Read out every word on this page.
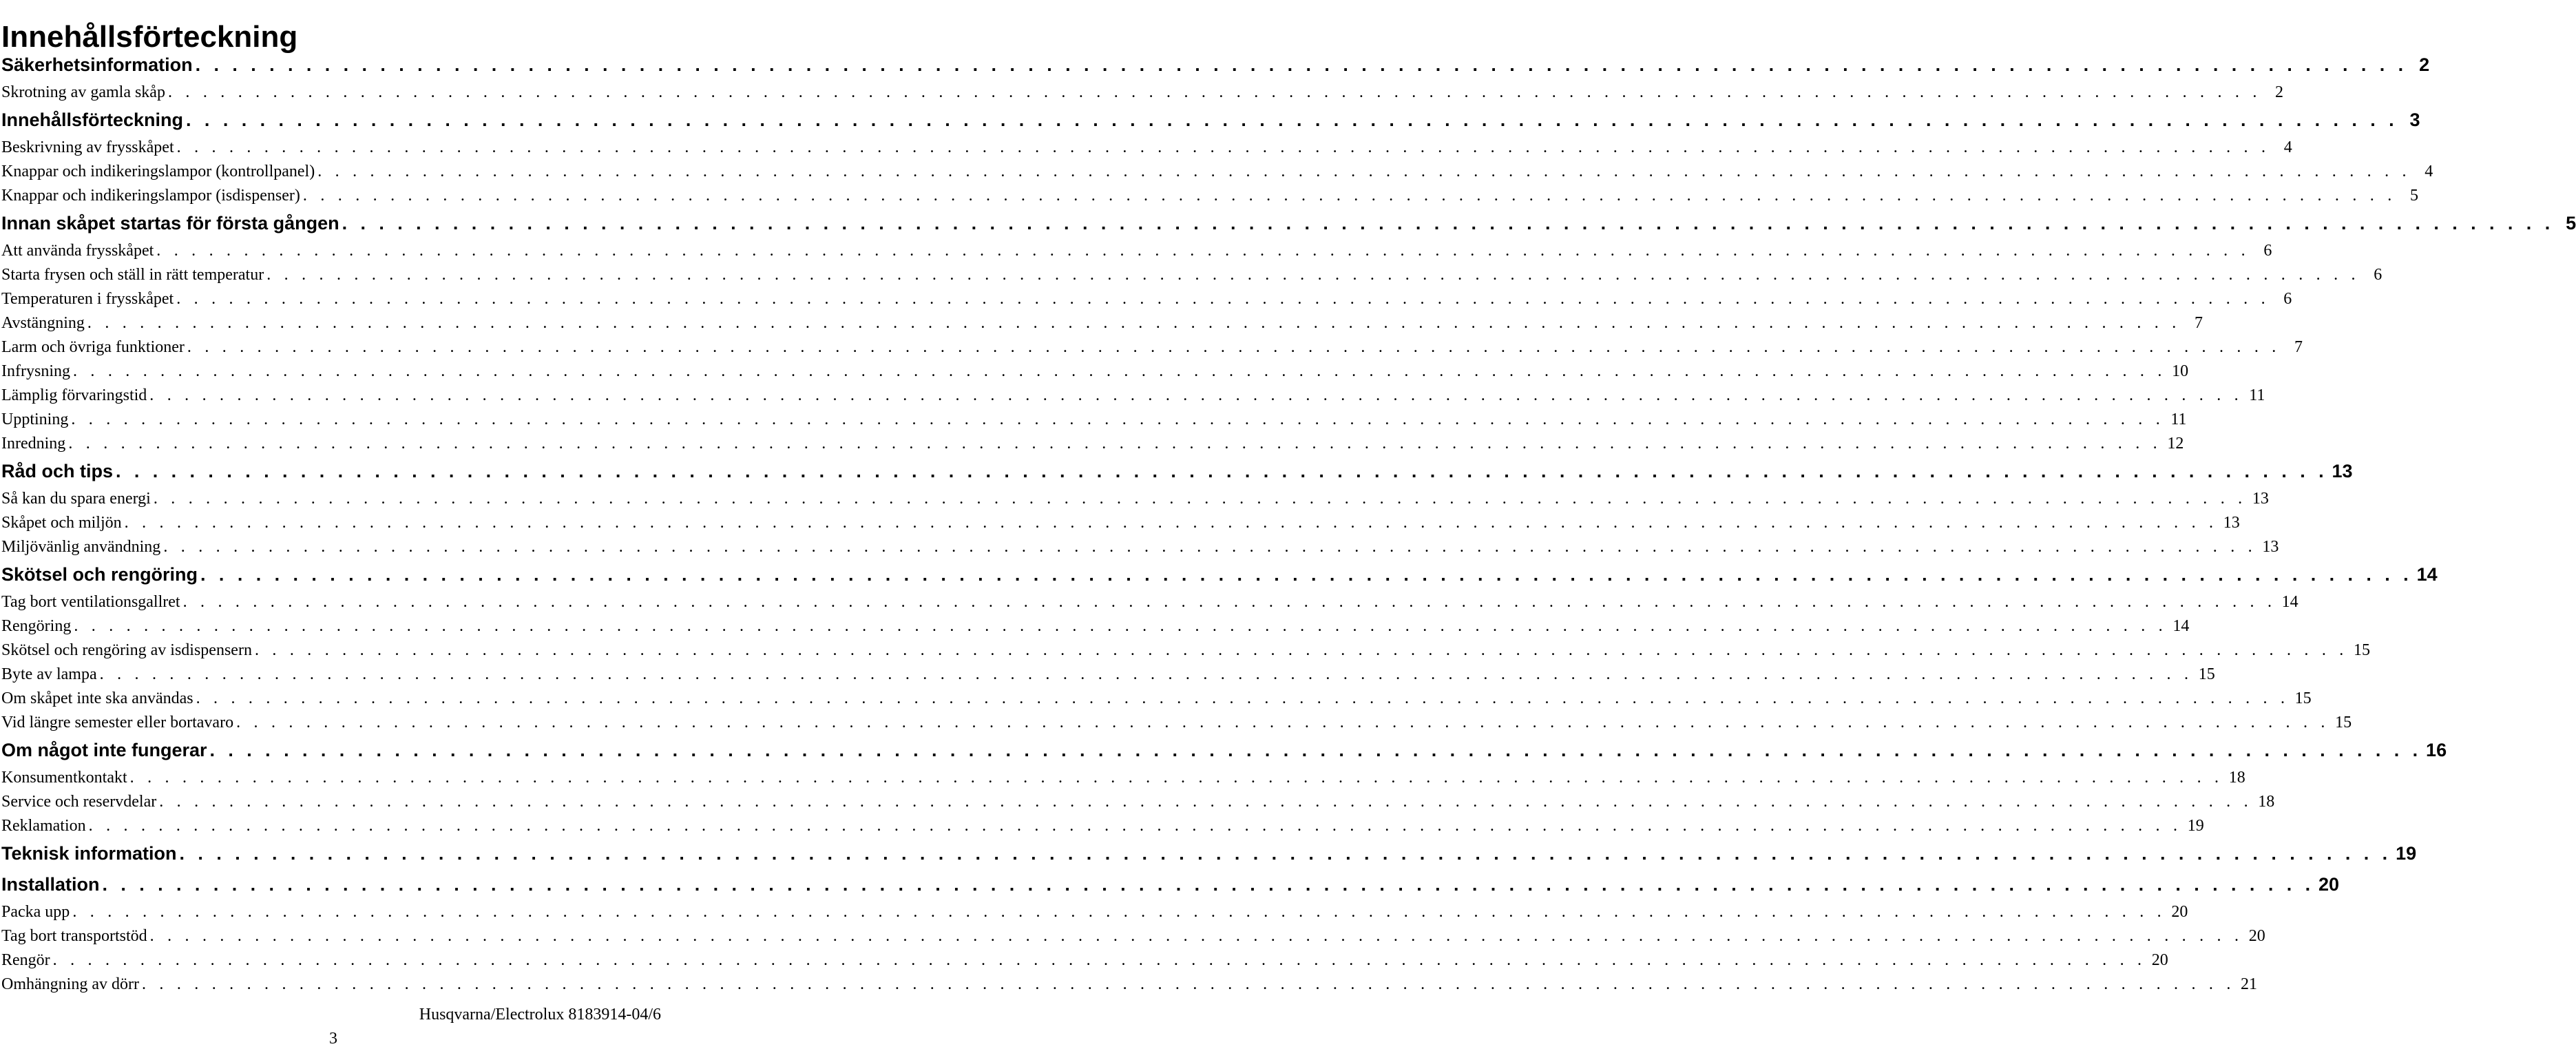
Innehållsförteckning
Säkerhetsinformation . . . . . . . . . . . . . . . . . . . . . . . . . . . . . . . . . . . . . . . . . . . . . . . . . . . . . . . . . . . . . . . . . . . . . . . . . . . . . . . . . . . . . . . . . . . . . . . . . . . . . . . . . . . . . . . . . . . . . . . . 2
Skrotning av gamla skåp . . . . . . . . . . . . . . . . . . . . . . . . . . . . . . . . . . . . . . . . . . . . . . . . . . . . . . . . . . . . . . . . . . . . . . . . . . . . . . . . . . . . . . . . . . . . . . . . . . . . . . . . . . . . . . . . . . . . . . . . 2
Innehållsförteckning . . . . . . . . . . . . . . . . . . . . . . . . . . . . . . . . . . . . . . . . . . . . . . . . . . . . . . . . . . . . . . . . . . . . . . . . . . . . . . . . . . . . . . . . . . . . . . . . . . . . . . . . . . . . . . . . . . . . . . . . 3
Beskrivning av frysskåpet . . . . . . . . . . . . . . . . . . . . . . . . . . . . . . . . . . . . . . . . . . . . . . . . . . . . . . . . . . . . . . . . . . . . . . . . . . . . . . . . . . . . . . . . . . . . . . . . . . . . . . . . . . . . . . . . . . . . . . . . 4
Knappar och indikeringslampor (kontrollpanel) . . . . . . . . . . . . . . . . . . . . . . . . . . . . . . . . . . . . . . . . . . . . . . . . . . . . . . . . . . . . . . . . . . . . . . . . . . . . . . . . . . . . . . . . . . . . . . . . . . . . . . . . . . . . . . . . . . . . . . . . 4
Knappar och indikeringslampor (isdispenser) . . . . . . . . . . . . . . . . . . . . . . . . . . . . . . . . . . . . . . . . . . . . . . . . . . . . . . . . . . . . . . . . . . . . . . . . . . . . . . . . . . . . . . . . . . . . . . . . . . . . . . . . . . . . . . . . . . . . . . . . 5
Innan skåpet startas för första gången . . . . . . . . . . . . . . . . . . . . . . . . . . . . . . . . . . . . . . . . . . . . . . . . . . . . . . . . . . . . . . . . . . . . . . . . . . . . . . . . . . . . . . . . . . . . . . . . . . . . . . . . . . . . . . . . . . . . . . . . 5
Att använda frysskåpet . . . . . . . . . . . . . . . . . . . . . . . . . . . . . . . . . . . . . . . . . . . . . . . . . . . . . . . . . . . . . . . . . . . . . . . . . . . . . . . . . . . . . . . . . . . . . . . . . . . . . . . . . . . . . . . . . . . . . . . . 6
Starta frysen och ställ in rätt temperatur . . . . . . . . . . . . . . . . . . . . . . . . . . . . . . . . . . . . . . . . . . . . . . . . . . . . . . . . . . . . . . . . . . . . . . . . . . . . . . . . . . . . . . . . . . . . . . . . . . . . . . . . . . . . . . . . . . . . . . . . 6
Temperaturen i frysskåpet . . . . . . . . . . . . . . . . . . . . . . . . . . . . . . . . . . . . . . . . . . . . . . . . . . . . . . . . . . . . . . . . . . . . . . . . . . . . . . . . . . . . . . . . . . . . . . . . . . . . . . . . . . . . . . . . . . . . . . . . 6
Avstängning . . . . . . . . . . . . . . . . . . . . . . . . . . . . . . . . . . . . . . . . . . . . . . . . . . . . . . . . . . . . . . . . . . . . . . . . . . . . . . . . . . . . . . . . . . . . . . . . . . . . . . . . . . . . . . . . . . . . . . . . 7
Larm och övriga funktioner . . . . . . . . . . . . . . . . . . . . . . . . . . . . . . . . . . . . . . . . . . . . . . . . . . . . . . . . . . . . . . . . . . . . . . . . . . . . . . . . . . . . . . . . . . . . . . . . . . . . . . . . . . . . . . . . . . . . . . . . 7
Infrysning . . . . . . . . . . . . . . . . . . . . . . . . . . . . . . . . . . . . . . . . . . . . . . . . . . . . . . . . . . . . . . . . . . . . . . . . . . . . . . . . . . . . . . . . . . . . . . . . . . . . . . . . . . . . . . . . . . . . . . . . 10
Lämplig förvaringstid . . . . . . . . . . . . . . . . . . . . . . . . . . . . . . . . . . . . . . . . . . . . . . . . . . . . . . . . . . . . . . . . . . . . . . . . . . . . . . . . . . . . . . . . . . . . . . . . . . . . . . . . . . . . . . . . . . . . . . . . 11
Upptining . . . . . . . . . . . . . . . . . . . . . . . . . . . . . . . . . . . . . . . . . . . . . . . . . . . . . . . . . . . . . . . . . . . . . . . . . . . . . . . . . . . . . . . . . . . . . . . . . . . . . . . . . . . . . . . . . . . . . . . . 11
Inredning . . . . . . . . . . . . . . . . . . . . . . . . . . . . . . . . . . . . . . . . . . . . . . . . . . . . . . . . . . . . . . . . . . . . . . . . . . . . . . . . . . . . . . . . . . . . . . . . . . . . . . . . . . . . . . . . . . . . . . . . 12
Råd och tips . . . . . . . . . . . . . . . . . . . . . . . . . . . . . . . . . . . . . . . . . . . . . . . . . . . . . . . . . . . . . . . . . . . . . . . . . . . . . . . . . . . . . . . . . . . . . . . . . . . . . . . . . . . . . . . . . . . . . . . . 13
Så kan du spara energi . . . . . . . . . . . . . . . . . . . . . . . . . . . . . . . . . . . . . . . . . . . . . . . . . . . . . . . . . . . . . . . . . . . . . . . . . . . . . . . . . . . . . . . . . . . . . . . . . . . . . . . . . . . . . . . . . . . . . . . . 13
Skåpet och miljön . . . . . . . . . . . . . . . . . . . . . . . . . . . . . . . . . . . . . . . . . . . . . . . . . . . . . . . . . . . . . . . . . . . . . . . . . . . . . . . . . . . . . . . . . . . . . . . . . . . . . . . . . . . . . . . . . . . . . . . . 13
Miljövänlig användning . . . . . . . . . . . . . . . . . . . . . . . . . . . . . . . . . . . . . . . . . . . . . . . . . . . . . . . . . . . . . . . . . . . . . . . . . . . . . . . . . . . . . . . . . . . . . . . . . . . . . . . . . . . . . . . . . . . . . . . . 13
Skötsel och rengöring . . . . . . . . . . . . . . . . . . . . . . . . . . . . . . . . . . . . . . . . . . . . . . . . . . . . . . . . . . . . . . . . . . . . . . . . . . . . . . . . . . . . . . . . . . . . . . . . . . . . . . . . . . . . . . . . . . . . . . . . 14
Tag bort ventilationsgallret . . . . . . . . . . . . . . . . . . . . . . . . . . . . . . . . . . . . . . . . . . . . . . . . . . . . . . . . . . . . . . . . . . . . . . . . . . . . . . . . . . . . . . . . . . . . . . . . . . . . . . . . . . . . . . . . . . . . . . . . 14
Rengöring . . . . . . . . . . . . . . . . . . . . . . . . . . . . . . . . . . . . . . . . . . . . . . . . . . . . . . . . . . . . . . . . . . . . . . . . . . . . . . . . . . . . . . . . . . . . . . . . . . . . . . . . . . . . . . . . . . . . . . . . 14
Skötsel och rengöring av isdispensern . . . . . . . . . . . . . . . . . . . . . . . . . . . . . . . . . . . . . . . . . . . . . . . . . . . . . . . . . . . . . . . . . . . . . . . . . . . . . . . . . . . . . . . . . . . . . . . . . . . . . . . . . . . . . . . . . . . . . . . . 15
Byte av lampa . . . . . . . . . . . . . . . . . . . . . . . . . . . . . . . . . . . . . . . . . . . . . . . . . . . . . . . . . . . . . . . . . . . . . . . . . . . . . . . . . . . . . . . . . . . . . . . . . . . . . . . . . . . . . . . . . . . . . . . . 15
Om skåpet inte ska användas . . . . . . . . . . . . . . . . . . . . . . . . . . . . . . . . . . . . . . . . . . . . . . . . . . . . . . . . . . . . . . . . . . . . . . . . . . . . . . . . . . . . . . . . . . . . . . . . . . . . . . . . . . . . . . . . . . . . . . . . 15
Vid längre semester eller bortavaro . . . . . . . . . . . . . . . . . . . . . . . . . . . . . . . . . . . . . . . . . . . . . . . . . . . . . . . . . . . . . . . . . . . . . . . . . . . . . . . . . . . . . . . . . . . . . . . . . . . . . . . . . . . . . . . . . . . . . . . . 15
Om något inte fungerar . . . . . . . . . . . . . . . . . . . . . . . . . . . . . . . . . . . . . . . . . . . . . . . . . . . . . . . . . . . . . . . . . . . . . . . . . . . . . . . . . . . . . . . . . . . . . . . . . . . . . . . . . . . . . . . . . . . . . . . . 16
Konsumentkontakt . . . . . . . . . . . . . . . . . . . . . . . . . . . . . . . . . . . . . . . . . . . . . . . . . . . . . . . . . . . . . . . . . . . . . . . . . . . . . . . . . . . . . . . . . . . . . . . . . . . . . . . . . . . . . . . . . . . . . . . . 18
Service och reservdelar . . . . . . . . . . . . . . . . . . . . . . . . . . . . . . . . . . . . . . . . . . . . . . . . . . . . . . . . . . . . . . . . . . . . . . . . . . . . . . . . . . . . . . . . . . . . . . . . . . . . . . . . . . . . . . . . . . . . . . . . 18
Reklamation . . . . . . . . . . . . . . . . . . . . . . . . . . . . . . . . . . . . . . . . . . . . . . . . . . . . . . . . . . . . . . . . . . . . . . . . . . . . . . . . . . . . . . . . . . . . . . . . . . . . . . . . . . . . . . . . . . . . . . . . 19
Teknisk information . . . . . . . . . . . . . . . . . . . . . . . . . . . . . . . . . . . . . . . . . . . . . . . . . . . . . . . . . . . . . . . . . . . . . . . . . . . . . . . . . . . . . . . . . . . . . . . . . . . . . . . . . . . . . . . . . . . . . . . . 19
Installation . . . . . . . . . . . . . . . . . . . . . . . . . . . . . . . . . . . . . . . . . . . . . . . . . . . . . . . . . . . . . . . . . . . . . . . . . . . . . . . . . . . . . . . . . . . . . . . . . . . . . . . . . . . . . . . . . . . . . . . . 20
Packa upp . . . . . . . . . . . . . . . . . . . . . . . . . . . . . . . . . . . . . . . . . . . . . . . . . . . . . . . . . . . . . . . . . . . . . . . . . . . . . . . . . . . . . . . . . . . . . . . . . . . . . . . . . . . . . . . . . . . . . . . . 20
Tag bort transportstöd . . . . . . . . . . . . . . . . . . . . . . . . . . . . . . . . . . . . . . . . . . . . . . . . . . . . . . . . . . . . . . . . . . . . . . . . . . . . . . . . . . . . . . . . . . . . . . . . . . . . . . . . . . . . . . . . . . . . . . . . 20
Rengör . . . . . . . . . . . . . . . . . . . . . . . . . . . . . . . . . . . . . . . . . . . . . . . . . . . . . . . . . . . . . . . . . . . . . . . . . . . . . . . . . . . . . . . . . . . . . . . . . . . . . . . . . . . . . . . . . . . . . . . . 20
Omhängning av dörr . . . . . . . . . . . . . . . . . . . . . . . . . . . . . . . . . . . . . . . . . . . . . . . . . . . . . . . . . . . . . . . . . . . . . . . . . . . . . . . . . . . . . . . . . . . . . . . . . . . . . . . . . . . . . . . . . . . . . . . . 21
Husqvarna/Electrolux 8183914-04/6
3
